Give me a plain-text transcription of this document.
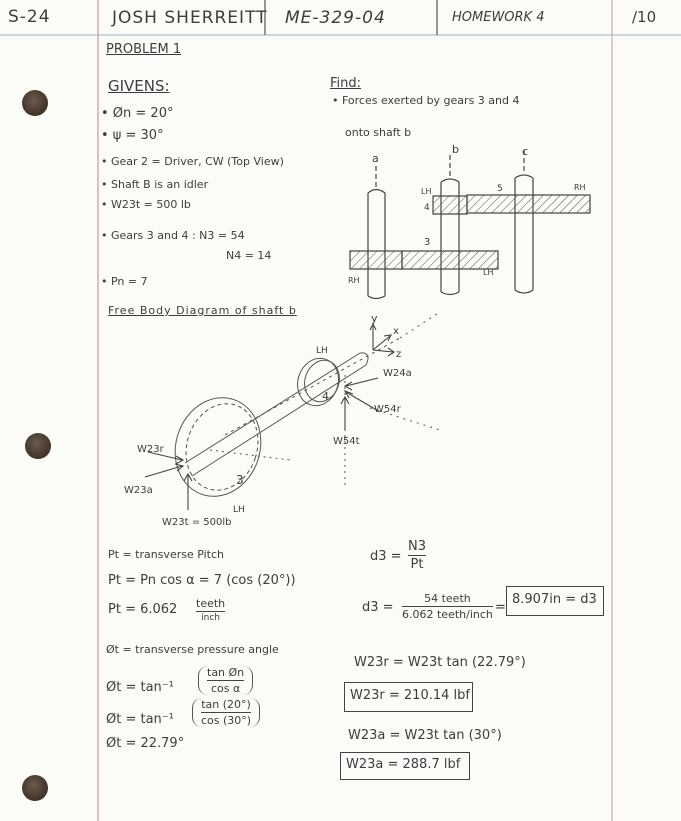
S-24	JOSH SHERREITT ME-329-04	HOMEWORK 4	/10
PROBLEM 1
GIVENS:
• Øn = 20°
• ψ = 30°
• Gear 2 = Driver, CW (Top View)
• Shaft B is an idler
• W23t = 500 lb
• Gears 3 and 4 : N3 = 54
N4 = 14
• Pn = 7
Find:
• Forces exerted by gears 3 and 4
onto shaft b
a
b	c
4
5
3
LH	RH
RH
LH
Free Body Diagram of shaft b
y
x
z
LH
4
3
LH
W24a
W54r
W54t
W23r
W23a
W23t = 500lb
Pt = transverse Pitch
Pt = Pn cos α = 7 (cos (20°))
Pt = 6.062 teeth
inch
Øt = transverse pressure angle
Øt = tan⁻¹
tan Øn
cos α
Øt = tan⁻¹
tan (20°)
cos (30°)
Øt = 22.79°
d3 =
N3
Pt
d3 =
54 teeth
6.062 teeth/inch =
8.907in = d3
W23r = W23t tan (22.79°)
W23r = 210.14 lbf
W23a = W23t tan (30°)
W23a = 288.7 lbf
